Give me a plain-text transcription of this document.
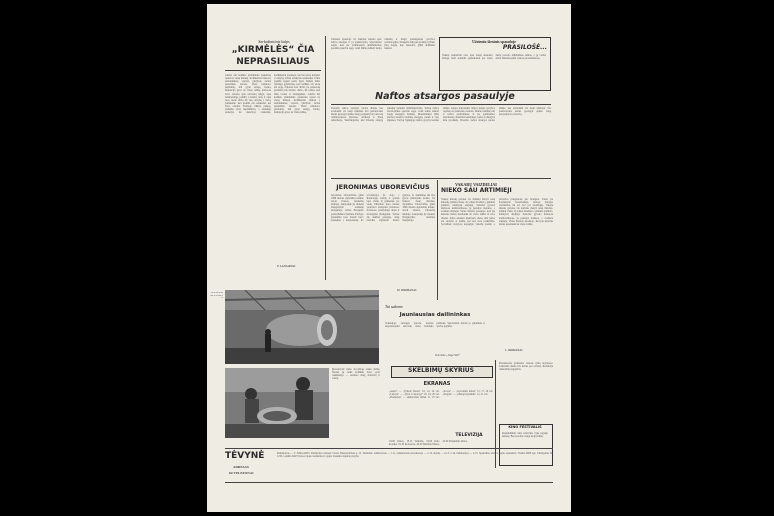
Sarkaštattinis kalps
„KIRMĖLĖS“ ČIA
NEPRASILIAUS
Ginčai dėl kolūkio pirmininko paskirties tęsėsi ne vieną mėnesį. Kolūkiečiai rinkosi į susirinkimus, svarstė, ginčijosi, tačiau sprendimo nerado. Vieni reikalavo permainų, kiti gynė senąją tvarką. Redakcija gavo ne vieną laišką, kuriuose buvo rašoma apie netvarką ūkyje, apie nerūpestingą požiūrį į bendrą turtą ir apie tuos, kurie dirba tik sau. Atvykę į vietą, pamatėme, kad padėtis dar sunkesnė, nei buvo rašoma. Fermoje trūksta pašarų, technika stovi neprižiūrėta, o atsakingi asmenys tik skėsčioja rankomis. Kolūkiečiai pasakoja, kad ne kartą kreipėsi į valdybą, tačiau atsakymo nesulaukė. Tokia padėtis negali tęstis ilgai. Reikia imtis ryžtingų priemonių, kad kolūkis vėl stotų ant kojų. Žmonės nori dirbti, jie pasiruošę prisidėti prie bendro darbo, tik reikia, kad būtų tvarka ir teisingumas. Ginčai dėl kolūkio pirmininko paskirties tęsėsi ne vieną mėnesį. Kolūkiečiai rinkosi į susirinkimus, svarstė, ginčijosi, tačiau sprendimo nerado. Vieni reikalavo permainų, kiti gynė senąją tvarką. Redakcija gavo ne vieną laišką.
P. LANSARTAS
Užsienio spaudoje vis dažniau rašoma apie naftos atsargas ir jų paskirstymą. Specialistai teigia, kad per artimiausius dešimtmečius poreikis sparčiai augs, todėl būtina ieškoti naujų telkinių ir diegti pažangesnes gavybos technologijas. Daugelis šalių jau pradėjo tyrinėti jūrų dugną, kur, manoma, glūdi didžiuliai kiekiai.
Užsienio šiesinis spaudoje
PRASILOŠĖ...
Vakarų laikraščiai rašo apie naują skandalą biržoje. Keli stambūs spekuliantai per vieną dieną prarado milžiniškas sumas, o jų vardai dabar linksniuojami visuose pranešimuose.
Naftos atsargos pasaulyje
Pasaulio naftos atsargos nuolat didėja, nes atrandami vis nauji telkiniai. Per pastaruosius metus geologai aptiko daug perspektyvių vietovių Artimuosiuose Rytuose, Afrikoje ir Pietų Amerikoje. Skaičiuojama, kad žinomų atsargų pakaktų keliems dešimtmečiams. Tačiau naftos suvartojimas sparčiai auga, todėl reikia ieškoti naujų energijos šaltinių. Mokslininkai siūlo plačiau naudoti atominę energiją, saulės ir vėjo jėgaines. Tarybų Sąjungoje naftos gavyba kasmet didėja, naujos naftotiekio linijos jungia gavybos rajonus su pramonės centrais. Didelę reikšmę turi ir naftos perdirbimas: iš jos gaminamos plastmasės, sintetinis kaučiukas, trąšos ir daugybė kitų produktų. Pasaulio naftos atsargos nuolat didėja, nes atrandami vis nauji telkiniai. Per pastaruosius metus geologai aptiko daug perspektyvių vietovių.
JERONIMAS UBOREVIČIUS
Jeronimas Uborevičius gimė 1896 metais Aptandrių kaime, netoli Utenos, valstiečių šeimoje. Jaunystėje jis mokėsi Dauguvpilio realinėje mokykloje, vėliau Petrapilio politechnikos institute. Pirmojo pasaulinio karo metais buvo pašauktas į kariuomenę. Po revoliucijos jis stojo į Raudonąją armiją ir greitai tapo vienu iš gabiausių jos vadų. Pilietinio karo metais vadovavo armijoms įvairiuose frontuose, pasižymėjo drąsa ir strateginiu įžvalgumu. Vėliau ėjo aukštas pareigas, daug nuveikė stiprinant krašto gynybą. Jo atminimas iki šiol gyvas gimtajame krašte, čia lankosi daug žmonių. Jeronimas Uborevičius gimė 1896 metais Aptandrių kaime, netoli Utenos, valstiečių šeimoje. Jaunystėje jis mokėsi Dauguvpilio realinėje mokykloje.
M. BIRIMANAS
VAKARŲ VAIZDELIAI
NIEKO SAU ARTIMIEJI
Vakarų miestų gatvėse vis dažniau matyti senų žmonių, paliktų vienų. Jų vaikai išvažiavo, giminės pamiršo, kaimynai abejingi. Senoliai gyvena mažuose kambarėliuose, jų pensijos menkos, o sveikata silpnėja. Viena moteris pasakojo, kad jau kelerius metus nesulaukė nė vieno laiško iš savo sūnaus. Kitas senukas kiekvieną dieną sėdi parke ant suolelio ir laukia, kol kas nors prakalbins. Socialinės tarnybos nepajėgia visiems padėti, o privačios prieglaudos per brangios. Tokia yra kasdienybė visuomenėje, kurioje žmogus vertinamas tik tol, kol yra naudingas. Vakarų miestų gatvėse vis dažniau matyti senų žmonių, paliktų vienų. Jų vaikai išvažiavo, giminės pamiršo, kaimynai abejingi. Senoliai gyvena mažuose kambarėliuose, jų pensijos menkos, o sveikata silpnėja. Viena moteris pasakojo, kad jau kelerius metus nesulaukė nė vieno laiško.
L. BRIMANAS
Tai sakome
Jauniausias dailininkas
Vokietijoje surengta paroda, kurioje eksponuojami ketverių metų berniuko piešiniai. Specialistai stebisi jo gabumais ir spalvų pojūčiu.
Iš žurnalo „Junge Welt“
▪▪▪ ▪▪ ▪▪▪▪ ▪▪ ▪▪▪ ▪▪▪▪ ▪▪ ▪▪▪ ▪▪▪▪ ▪▪ ▪▪
Moksleiviai darbo stovykloje renka derlių. Šiemet jų talka kolūkiui buvo ypač reikšminga — surinkta daug daržovių ir vaisių.
SKELBIMŲ SKYRIUS
EKRANAS
„Aušra" — „Tylusis Donas" 10, 12, 14 val. „Lietuva" — „Vyrai ir moterys" 16, 18, 20 val. „Pionierius" — animaciniai filmai 11, 13 val. „Kovas" — „Gyvenimo kelias" 15, 17, 19 val. „Pergalė" — „Mažoji išpažintis" 12, 21 val.
TELEVIZIJA
18.00 Žinios. 18.15 Vaikams. 19.00 Kino kronika. 19.30 Koncertas. 20.30 Meninis filmas. 22.00 Paskutinės žinios.
Prenumerata priimama visuose ryšių skyriuose. Laikraštis išeina tris kartus per savaitę. Redakcija rankraščių negrąžina.
KINO FESTIVALIS
Respublikinis kino festivalis vyks rugsėjo mėnesį. Bus parodyta daug naujų filmų.
TĖVYNĖ
ADRESAS
IR TELEFONAI
Redaktorius — V. JURGAITIS. Redakcijos adresas: Utena, Basanavičiaus g. 12. Telefonai: redaktoriaus — 2-11, redaktoriaus pavaduotojo — 2-12, skyrių — 2-13, 2-14, buhalterijos — 2-15. Spausdino Utenos rajono spaustuvė. Tiražas 9000 egz. Užsakymas Nr. 1234. Leidžia LKP Utenos rajono komitetas ir rajono Liaudies deputatų taryba.
